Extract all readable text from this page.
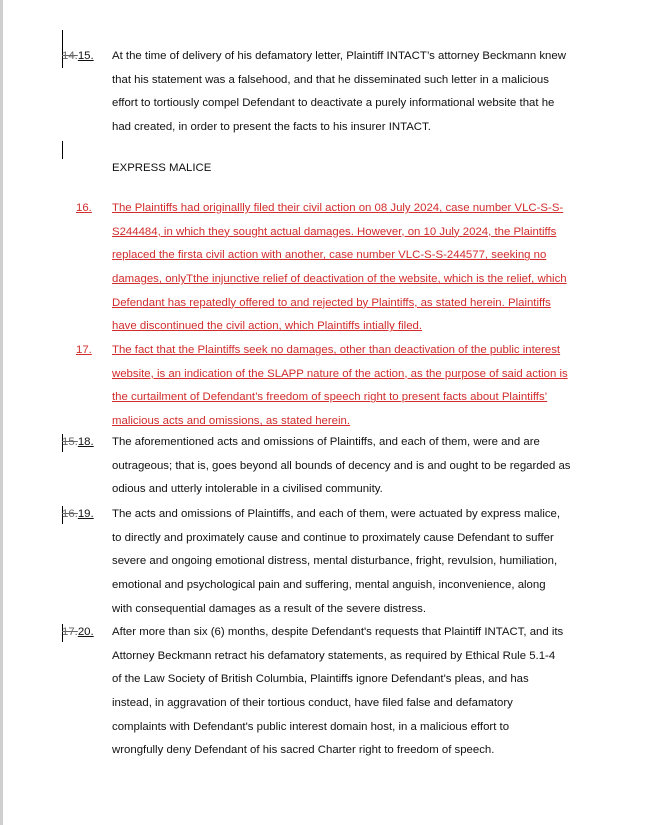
14.15. At the time of delivery of his defamatory letter, Plaintiff INTACT’s attorney Beckmann knew
that his statement was a falsehood, and that he disseminated such letter in a malicious
effort to tortiously compel Defendant to deactivate a purely informational website that he
had created, in order to present the facts to his insurer INTACT.
EXPRESS MALICE
16. The Plaintiffs had originallly filed their civil action on 08 July 2024, case number VLC-S-S-
S244484, in which they sought actual damages. However, on 10 July 2024, the Plaintiffs
replaced the firsta civil action with another, case number VLC-S-S-244577, seeking no
damages, onlyTthe injunctive relief of deactivation of the website, which is the relief, which
Defendant has repatedly offered to and rejected by Plaintiffs, as stated herein. Plaintiffs
have discontinued the civil action, which Plaintiffs intially filed.
17. The fact that the Plaintiffs seek no damages, other than deactivation of the public interest
website, is an indication of the SLAPP nature of the action, as the purpose of said action is
the curtailment of Defendant’s freedom of speech right to present facts about Plaintiffs’
malicious acts and omissions, as stated herein.
15.18. The aforementioned acts and omissions of Plaintiffs, and each of them, were and are
outrageous; that is, goes beyond all bounds of decency and is and ought to be regarded as
odious and utterly intolerable in a civilised community.
16.19. The acts and omissions of Plaintiffs, and each of them, were actuated by express malice,
to directly and proximately cause and continue to proximately cause Defendant to suffer
severe and ongoing emotional distress, mental disturbance, fright, revulsion, humiliation,
emotional and psychological pain and suffering, mental anguish, inconvenience, along
with consequential damages as a result of the severe distress.
17.20. After more than six (6) months, despite Defendant's requests that Plaintiff INTACT, and its
Attorney Beckmann retract his defamatory statements, as required by Ethical Rule 5.1-4
of the Law Society of British Columbia, Plaintiffs ignore Defendant's pleas, and has
instead, in aggravation of their tortious conduct, have filed false and defamatory
complaints with Defendant's public interest domain host, in a malicious effort to
wrongfully deny Defendant of his sacred Charter right to freedom of speech.
